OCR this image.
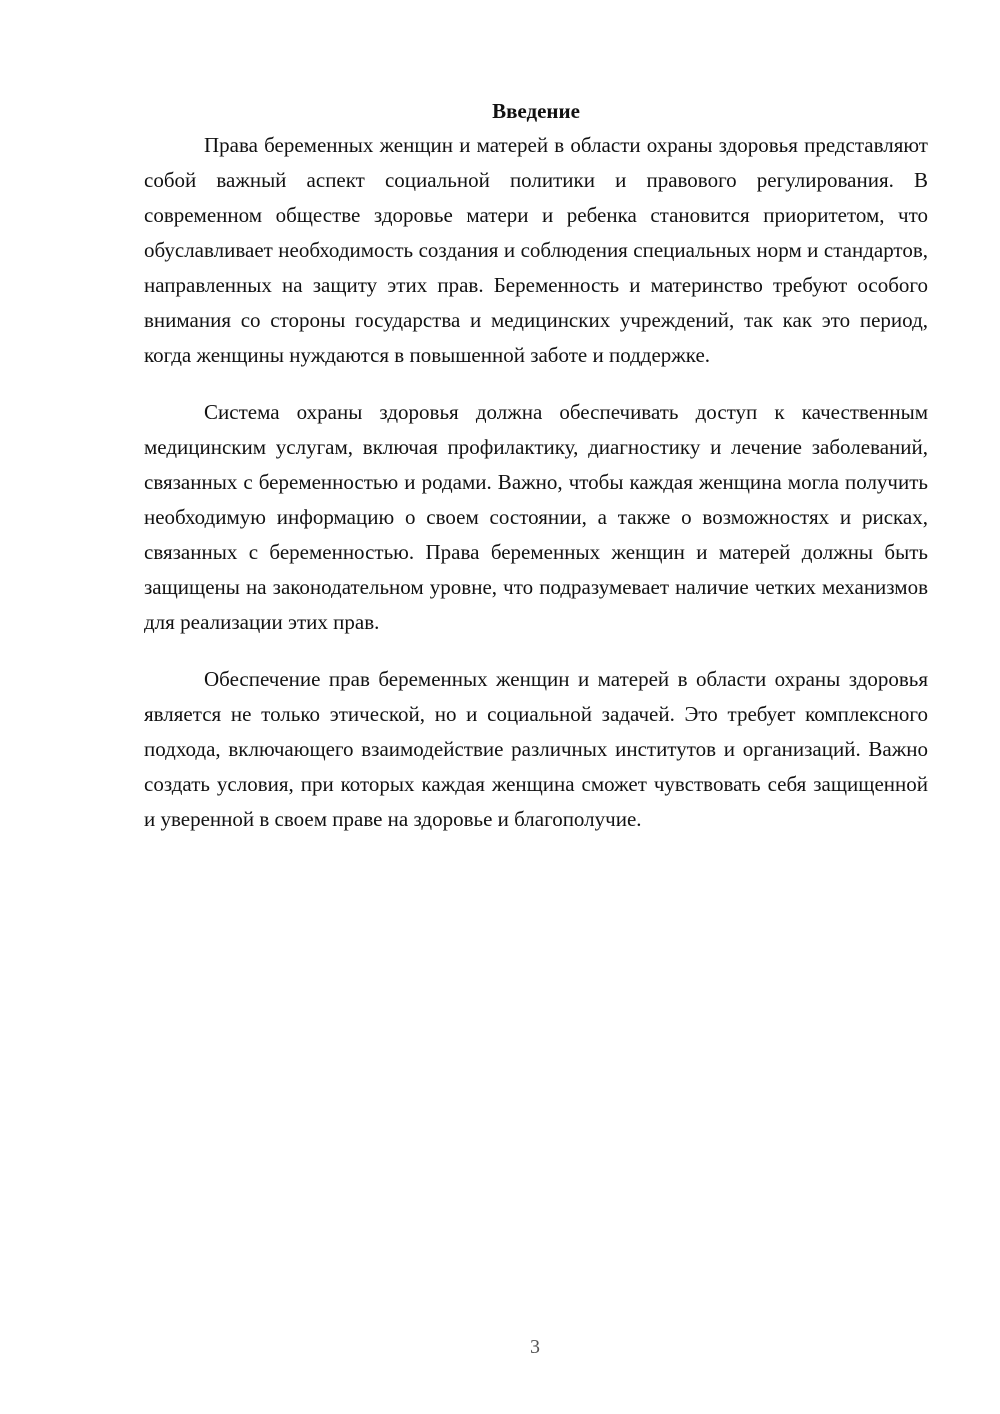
Введение

Права беременных женщин и матерей в области охраны здоровья представляют собой важный аспект социальной политики и правового регулирования. В современном обществе здоровье матери и ребенка становится приоритетом, что обуславливает необходимость создания и соблюдения специальных норм и стандартов, направленных на защиту этих прав. Беременность и материнство требуют особого внимания со стороны государства и медицинских учреждений, так как это период, когда женщины нуждаются в повышенной заботе и поддержке.

Система охраны здоровья должна обеспечивать доступ к качественным медицинским услугам, включая профилактику, диагностику и лечение заболеваний, связанных с беременностью и родами. Важно, чтобы каждая женщина могла получить необходимую информацию о своем состоянии, а также о возможностях и рисках, связанных с беременностью. Права беременных женщин и матерей должны быть защищены на законодательном уровне, что подразумевает наличие четких механизмов для реализации этих прав.

Обеспечение прав беременных женщин и матерей в области охраны здоровья является не только этической, но и социальной задачей. Это требует комплексного подхода, включающего взаимодействие различных институтов и организаций. Важно создать условия, при которых каждая женщина сможет чувствовать себя защищенной и уверенной в своем праве на здоровье и благополучие.

3
